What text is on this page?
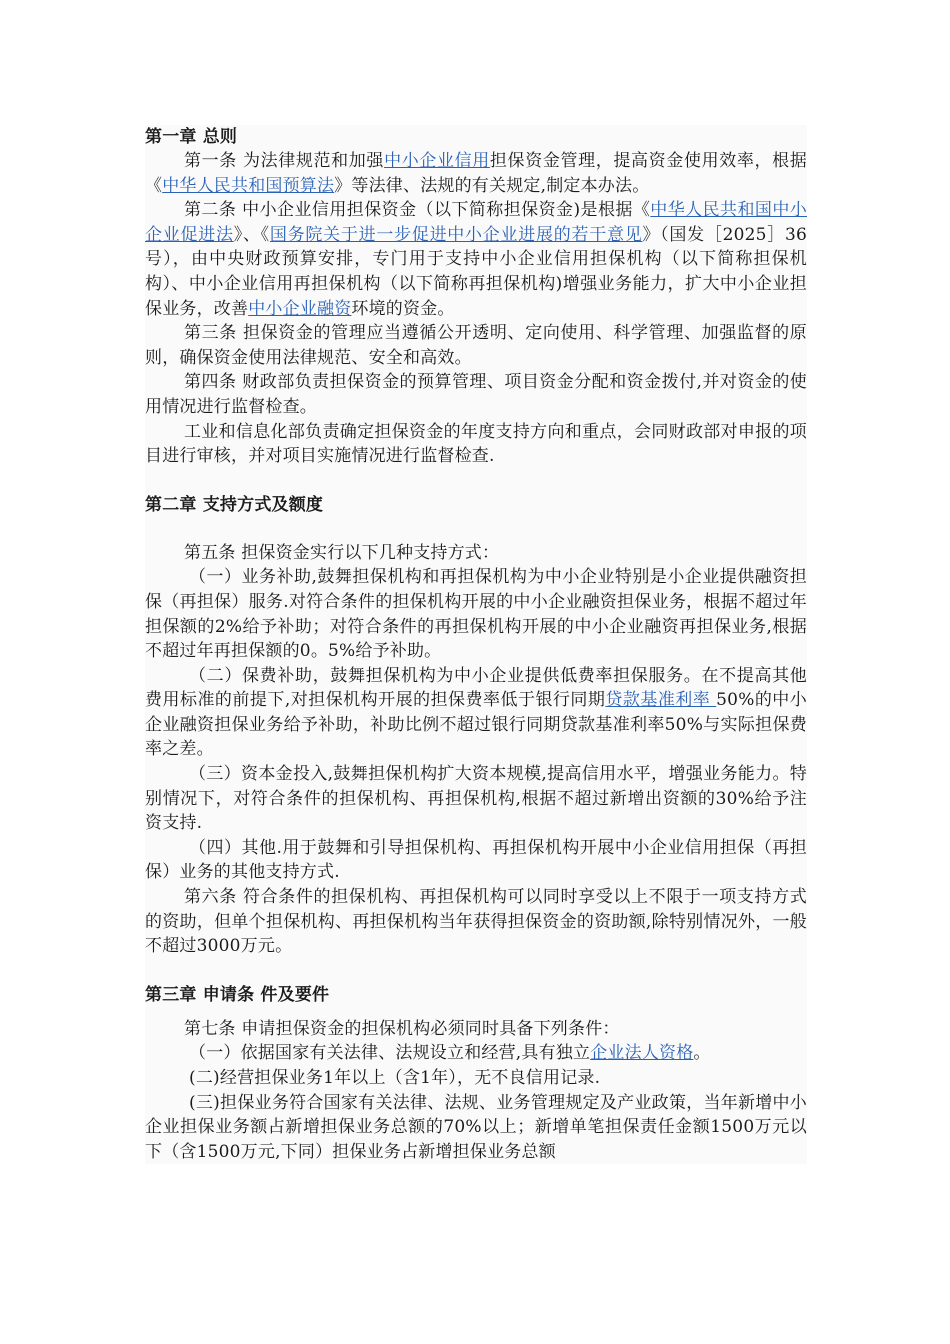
第一章 总则

第一条 为法律规范和加强中小企业信用担保资金管理，提高资金使用效率，根据《中华人民共和国预算法》等法律、法规的有关规定,制定本办法。

第二条 中小企业信用担保资金（以下简称担保资金)是根据《中华人民共和国中小企业促进法》、《国务院关于进一步促进中小企业进展的若干意见》（国发［2025］36号），由中央财政预算安排，专门用于支持中小企业信用担保机构（以下简称担保机构）、中小企业信用再担保机构（以下简称再担保机构)增强业务能力，扩大中小企业担保业务，改善中小企业融资环境的资金。

第三条 担保资金的管理应当遵循公开透明、定向使用、科学管理、加强监督的原则，确保资金使用法律规范、安全和高效。

第四条 财政部负责担保资金的预算管理、项目资金分配和资金拨付,并对资金的使用情况进行监督检查。

工业和信息化部负责确定担保资金的年度支持方向和重点，会同财政部对申报的项目进行审核，并对项目实施情况进行监督检查.

第二章 支持方式及额度

第五条 担保资金实行以下几种支持方式：

（一）业务补助,鼓舞担保机构和再担保机构为中小企业特别是小企业提供融资担保（再担保）服务.对符合条件的担保机构开展的中小企业融资担保业务，根据不超过年担保额的2%给予补助；对符合条件的再担保机构开展的中小企业融资再担保业务,根据不超过年再担保额的0。5%给予补助。

（二）保费补助，鼓舞担保机构为中小企业提供低费率担保服务。在不提高其他费用标准的前提下,对担保机构开展的担保费率低于银行同期贷款基准利率 50%的中小企业融资担保业务给予补助，补助比例不超过银行同期贷款基准利率50%与实际担保费率之差。

（三）资本金投入,鼓舞担保机构扩大资本规模,提高信用水平，增强业务能力。特别情况下，对符合条件的担保机构、再担保机构,根据不超过新增出资额的30%给予注资支持.

（四）其他.用于鼓舞和引导担保机构、再担保机构开展中小企业信用担保（再担保）业务的其他支持方式.

第六条 符合条件的担保机构、再担保机构可以同时享受以上不限于一项支持方式的资助，但单个担保机构、再担保机构当年获得担保资金的资助额,除特别情况外，一般不超过3000万元。

第三章 申请条 件及要件

第七条 申请担保资金的担保机构必须同时具备下列条件：

（一）依据国家有关法律、法规设立和经营,具有独立企业法人资格。

(二)经营担保业务1年以上（含1年），无不良信用记录.

(三)担保业务符合国家有关法律、法规、业务管理规定及产业政策，当年新增中小企业担保业务额占新增担保业务总额的70%以上；新增单笔担保责任金额1500万元以下（含1500万元,下同）担保业务占新增担保业务总额
